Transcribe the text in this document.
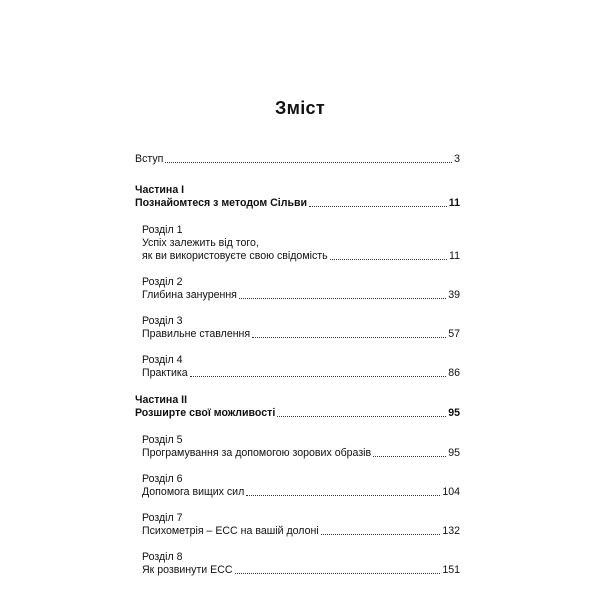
Зміст
Вступ	3
Частина І
Познайомтеся з методом Сільви	11
Розділ 1
Успіх залежить від того,
як ви використовуєте свою свідомість	11
Розділ 2
Глибина занурення	39
Розділ 3
Правильне ставлення	57
Розділ 4
Практика	86
Частина ІІ
Розширте свої можливості	95
Розділ 5
Програмування за допомогою зорових образів	95
Розділ 6
Допомога вищих сил	104
Розділ 7
Психометрія – ЕСС на вашій долоні	132
Розділ 8
Як розвинути ЕСС	151
